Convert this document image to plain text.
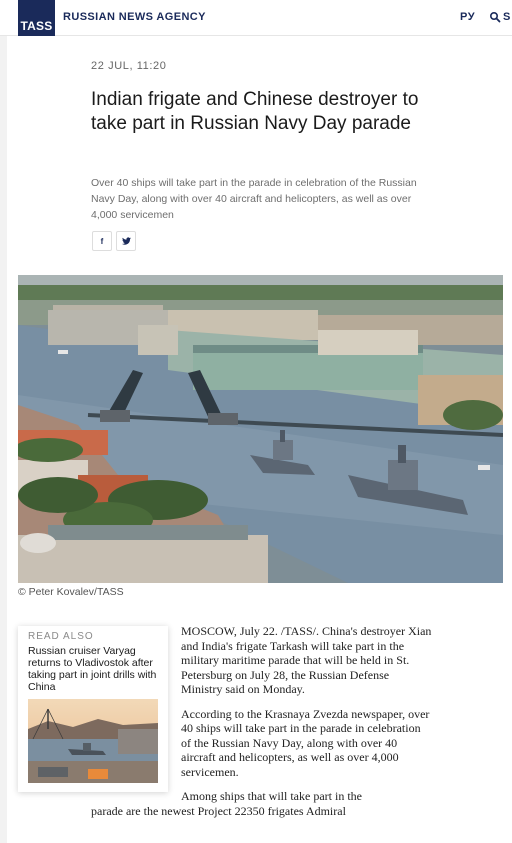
TASS
RUSSIAN NEWS AGENCY	РУ	S
22 JUL, 11:20
Indian frigate and Chinese destroyer to take part in Russian Navy Day parade
Over 40 ships will take part in the parade in celebration of the Russian Navy Day, along with over 40 aircraft and helicopters, as well as over 4,000 servicemen
f
© Peter Kovalev/TASS
READ ALSO
Russian cruiser Varyag returns to Vladivostok after taking part in joint drills with China

MOSCOW, July 22. /TASS/. China's destroyer Xian and India's frigate Tarkash will take part in the military maritime parade that will be held in St. Petersburg on July 28, the Russian Defense Ministry said on Monday.

According to the Krasnaya Zvezda newspaper, over 40 ships will take part in the parade in celebration of the Russian Navy Day, along with over 40 aircraft and helicopters, as well as over 4,000 servicemen.

Among ships that will take part in the

parade are the newest Project 22350 frigates Admiral
